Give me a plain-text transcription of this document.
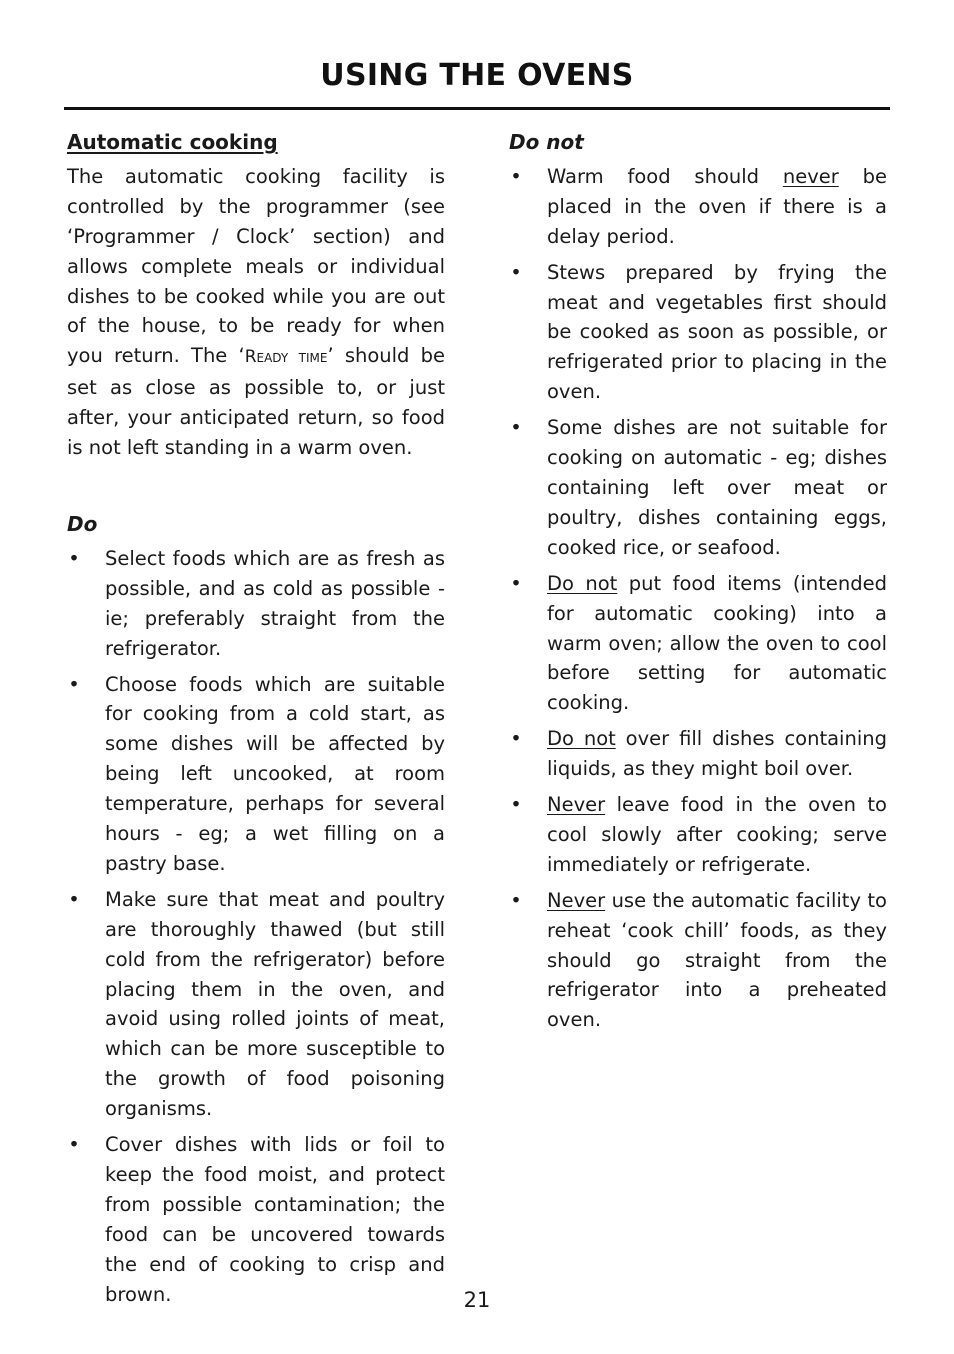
USING THE OVENS
Automatic cooking

The automatic cooking facility is controlled by the programmer (see ‘Programmer / Clock’ section) and allows complete meals or individual dishes to be cooked while you are out of the house, to be ready for when you return. The ‘Ready time’ should be set as close as possible to, or just after, your anticipated return, so food is not left standing in a warm oven.

Do
• Select foods which are as fresh as possible, and as cold as possible - ie; preferably straight from the refrigerator.
• Choose foods which are suitable for cooking from a cold start, as some dishes will be affected by being left uncooked, at room temperature, perhaps for several hours - eg; a wet filling on a pastry base.
• Make sure that meat and poultry are thoroughly thawed (but still cold from the refrigerator) before placing them in the oven, and avoid using rolled joints of meat, which can be more susceptible to the growth of food poisoning organisms.
• Cover dishes with lids or foil to keep the food moist, and protect from possible contamination; the food can be uncovered towards the end of cooking to crisp and brown.
Do not
• Warm food should never be placed in the oven if there is a delay period.
• Stews prepared by frying the meat and vegetables first should be cooked as soon as possible, or refrigerated prior to placing in the oven.
• Some dishes are not suitable for cooking on automatic - eg; dishes containing left over meat or poultry, dishes containing eggs, cooked rice, or seafood.
• Do not put food items (intended for automatic cooking) into a warm oven; allow the oven to cool before setting for automatic cooking.
• Do not over fill dishes containing liquids, as they might boil over.
• Never leave food in the oven to cool slowly after cooking; serve immediately or refrigerate.
• Never use the automatic facility to reheat ‘cook chill’ foods, as they should go straight from the refrigerator into a preheated oven.
21
